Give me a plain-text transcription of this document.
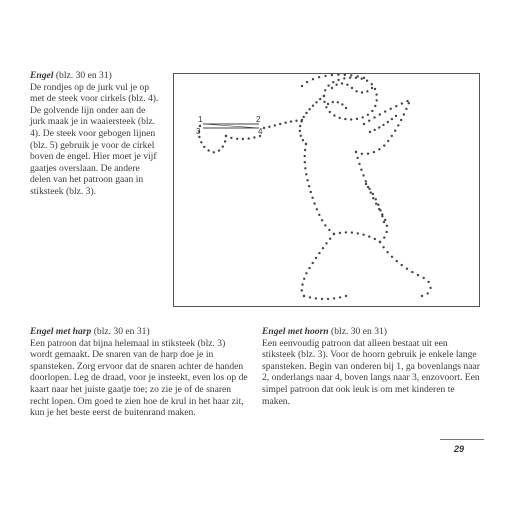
Engel (blz. 30 en 31)
De rondjes op de jurk vul je op met de steek voor cirkels (blz. 4). De golvende lijn onder aan de jurk maak je in waaiersteek (blz. 4). De steek voor gebogen lijnen (blz. 5) gebruik je voor de cirkel boven de engel. Hier moet je vijf gaatjes overslaan. De andere delen van het patroon gaan in stiksteek (blz. 3).

1	2
3	4

Engel met harp (blz. 30 en 31)
Een patroon dat bijna helemaal in stiksteek (blz. 3) wordt gemaakt. De snaren van de harp doe je in spansteken. Zorg ervoor dat de snaren achter de handen doorlopen. Leg de draad, voor je insteekt, even los op de kaart naar het juiste gaatje toe; zo zie je of de snaren recht lopen. Om goed te zien hoe de krul in het haar zit, kun je het beste eerst de buitenrand maken.

Engel met hoorn (blz. 30 en 31)
Een eenvoudig patroon dat alleen bestaat uit een stiksteek (blz. 3). Voor de hoorn gebruik je enkele lange spansteken. Begin van onderen bij 1, ga bovenlangs naar 2, onderlangs naar 4, boven langs naar 3, enzovoort. Een simpel patroon dat ook leuk is om met kinderen te maken.

29
